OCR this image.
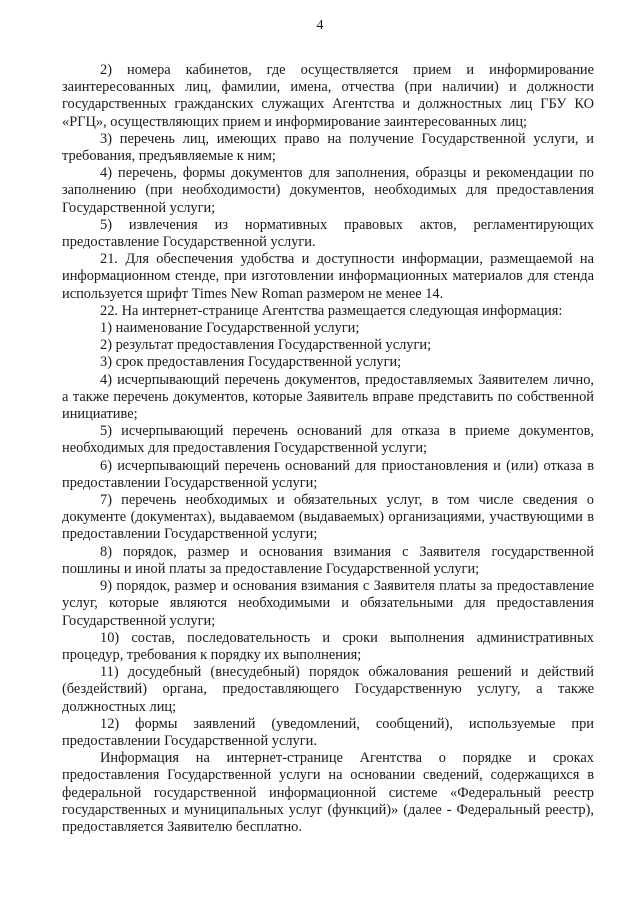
4

2) номера кабинетов, где осуществляется прием и информирование заинтересованных лиц, фамилии, имена, отчества (при наличии) и должности государственных гражданских служащих Агентства и должностных лиц ГБУ КО «РГЦ», осуществляющих прием и информирование заинтересованных лиц;

3) перечень лиц, имеющих право на получение Государственной услуги, и требования, предъявляемые к ним;

4) перечень, формы документов для заполнения, образцы и рекомендации по заполнению (при необходимости) документов, необходимых для предоставления Государственной услуги;

5) извлечения из нормативных правовых актов, регламентирующих предоставление Государственной услуги.

21. Для обеспечения удобства и доступности информации, размещаемой на информационном стенде, при изготовлении информационных материалов для стенда используется шрифт Times New Roman размером не менее 14.

22. На интернет-странице Агентства размещается следующая информация:

1) наименование Государственной услуги;

2) результат предоставления Государственной услуги;

3) срок предоставления Государственной услуги;

4) исчерпывающий перечень документов, предоставляемых Заявителем лично, а также перечень документов, которые Заявитель вправе представить по собственной инициативе;

5) исчерпывающий перечень оснований для отказа в приеме документов, необходимых для предоставления Государственной услуги;

6) исчерпывающий перечень оснований для приостановления и (или) отказа в предоставлении Государственной услуги;

7) перечень необходимых и обязательных услуг, в том числе сведения о документе (документах), выдаваемом (выдаваемых) организациями, участвующими в предоставлении Государственной услуги;

8) порядок, размер и основания взимания с Заявителя государственной пошлины и иной платы за предоставление Государственной услуги;

9) порядок, размер и основания взимания с Заявителя платы за предоставление услуг, которые являются необходимыми и обязательными для предоставления Государственной услуги;

10) состав, последовательность и сроки выполнения административных процедур, требования к порядку их выполнения;

11) досудебный (внесудебный) порядок обжалования решений и действий (бездействий) органа, предоставляющего Государственную услугу, а также должностных лиц;

12) формы заявлений (уведомлений, сообщений), используемые при предоставлении Государственной услуги.

Информация на интернет-странице Агентства о порядке и сроках предоставления Государственной услуги на основании сведений, содержащихся в федеральной государственной информационной системе «Федеральный реестр государственных и муниципальных услуг (функций)» (далее - Федеральный реестр), предоставляется Заявителю бесплатно.
